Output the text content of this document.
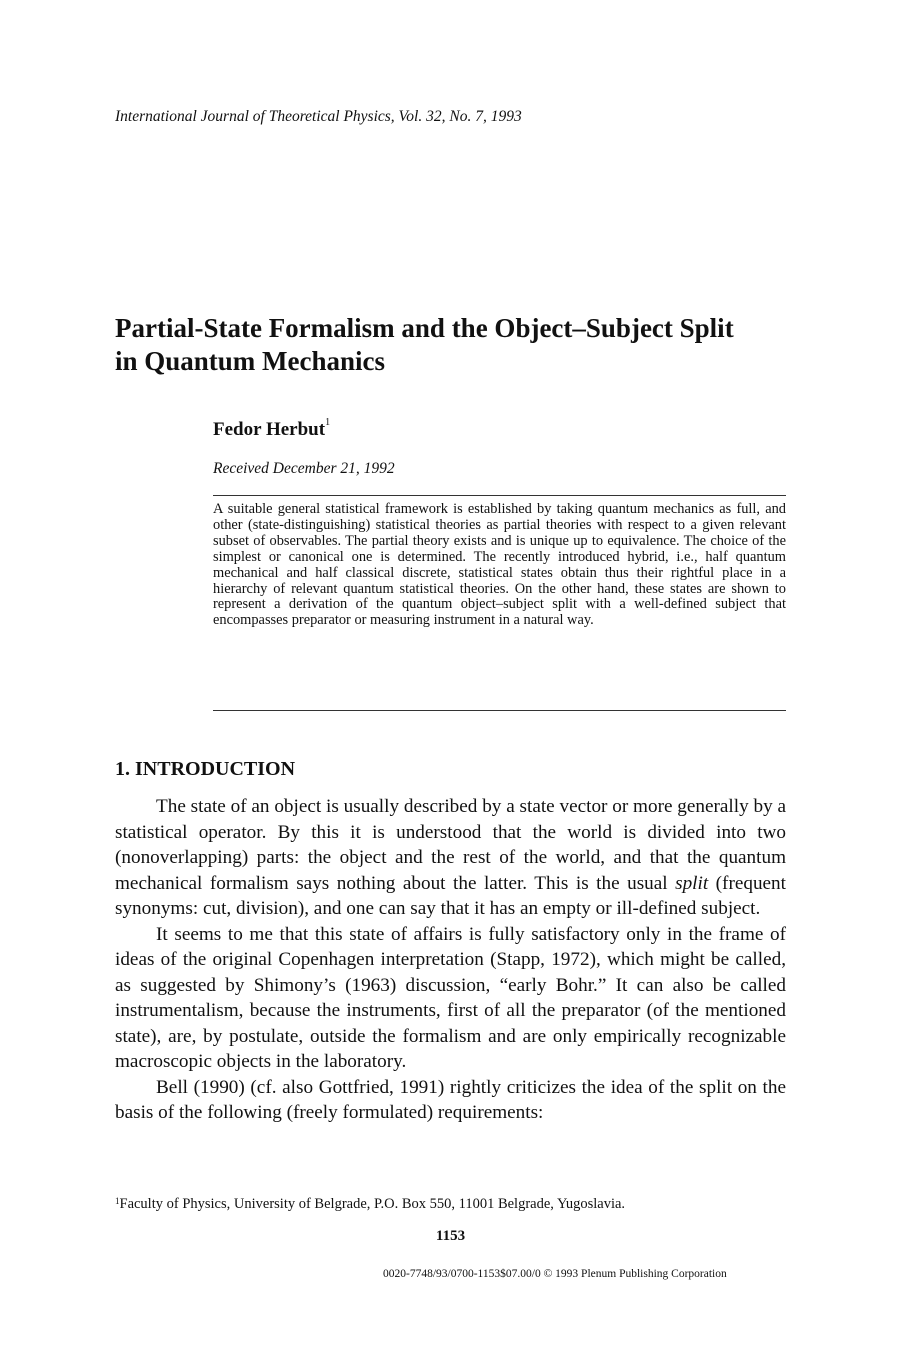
International Journal of Theoretical Physics, Vol. 32, No. 7, 1993
Partial-State Formalism and the Object–Subject Split
in Quantum Mechanics
Fedor Herbut$^1$
Received December 21, 1992
A suitable general statistical framework is established by taking quantum mechanics as full, and other (state-distinguishing) statistical theories as partial theories with respect to a given relevant subset of observables. The partial theory exists and is unique up to equivalence. The choice of the simplest or canonical one is determined. The recently introduced hybrid, i.e., half quantum mechanical and half classical discrete, statistical states obtain thus their rightful place in a hierarchy of relevant quantum statistical theories. On the other hand, these states are shown to represent a derivation of the quantum object–subject split with a well-defined subject that encompasses preparator or measuring instrument in a natural way.
1. INTRODUCTION

The state of an object is usually described by a state vector or more generally by a statistical operator. By this it is understood that the world is divided into two (nonoverlapping) parts: the object and the rest of the world, and that the quantum mechanical formalism says nothing about the latter. This is the usual split (frequent synonyms: cut, division), and one can say that it has an empty or ill-defined subject.

It seems to me that this state of affairs is fully satisfactory only in the frame of ideas of the original Copenhagen interpretation (Stapp, 1972), which might be called, as suggested by Shimony’s (1963) discussion, “early Bohr.” It can also be called instrumentalism, because the instruments, first of all the preparator (of the mentioned state), are, by postulate, outside the formalism and are only empirically recognizable macroscopic objects in the laboratory.

Bell (1990) (cf. also Gottfried, 1991) rightly criticizes the idea of the split on the basis of the following (freely formulated) requirements:

$^1$Faculty of Physics, University of Belgrade, P.O. Box 550, 11001 Belgrade, Yugoslavia.
1153
0020-7748/93/0700-1153$07.00/0 © 1993 Plenum Publishing Corporation
